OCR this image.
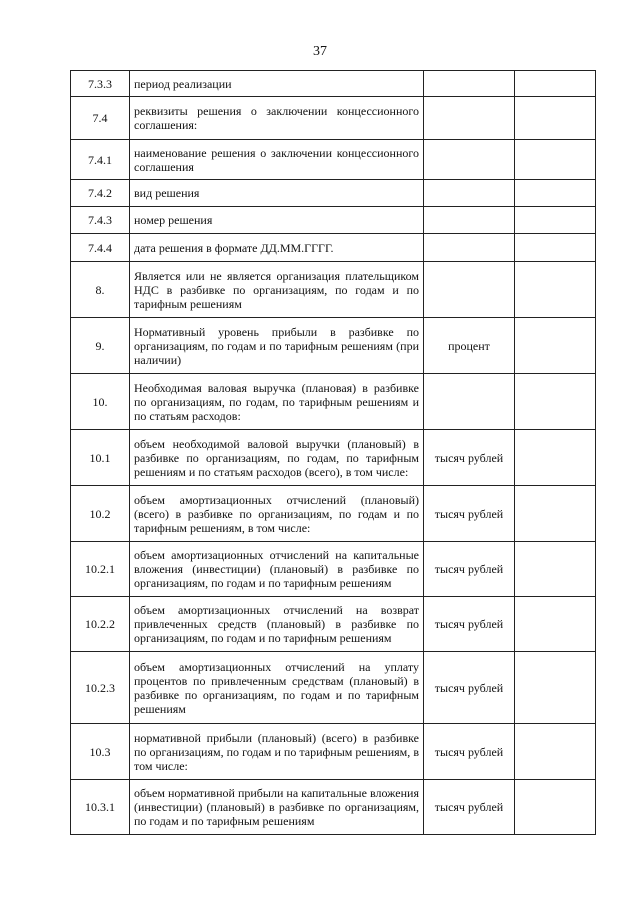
37
7.3.3	период реализации		
7.4	реквизиты решения о заключении концессионного соглашения:		
7.4.1	наименование решения о заключении концессионного соглашения		
7.4.2	вид решения		
7.4.3	номер решения		
7.4.4	дата решения в формате ДД.ММ.ГГГГ.		
8.	Является или не является организация плательщиком НДС в разбивке по организациям, по годам и по тарифным решениям		
9.	Нормативный уровень прибыли в разбивке по организациям, по годам и по тарифным решениям (при наличии)	процент	
10.	Необходимая валовая выручка (плановая) в разбивке по организациям, по годам, по тарифным решениям и по статьям расходов:		
10.1	объем необходимой валовой выручки (плановый) в разбивке по организациям, по годам, по тарифным решениям и по статьям расходов (всего), в том числе:	тысяч рублей	
10.2	объем амортизационных отчислений (плановый) (всего) в разбивке по организациям, по годам и по тарифным решениям, в том числе:	тысяч рублей	
10.2.1	объем амортизационных отчислений на капитальные вложения (инвестиции) (плановый) в разбивке по организациям, по годам и по тарифным решениям	тысяч рублей	
10.2.2	объем амортизационных отчислений на возврат привлеченных средств (плановый) в разбивке по организациям, по годам и по тарифным решениям	тысяч рублей	
10.2.3	объем амортизационных отчислений на уплату процентов по привлеченным средствам (плановый) в разбивке по организациям, по годам и по тарифным решениям	тысяч рублей	
10.3	нормативной прибыли (плановый) (всего) в разбивке по организациям, по годам и по тарифным решениям, в том числе:	тысяч рублей	
10.3.1	объем нормативной прибыли на капитальные вложения (инвестиции) (плановый) в разбивке по организациям, по годам и по тарифным решениям	тысяч рублей	
